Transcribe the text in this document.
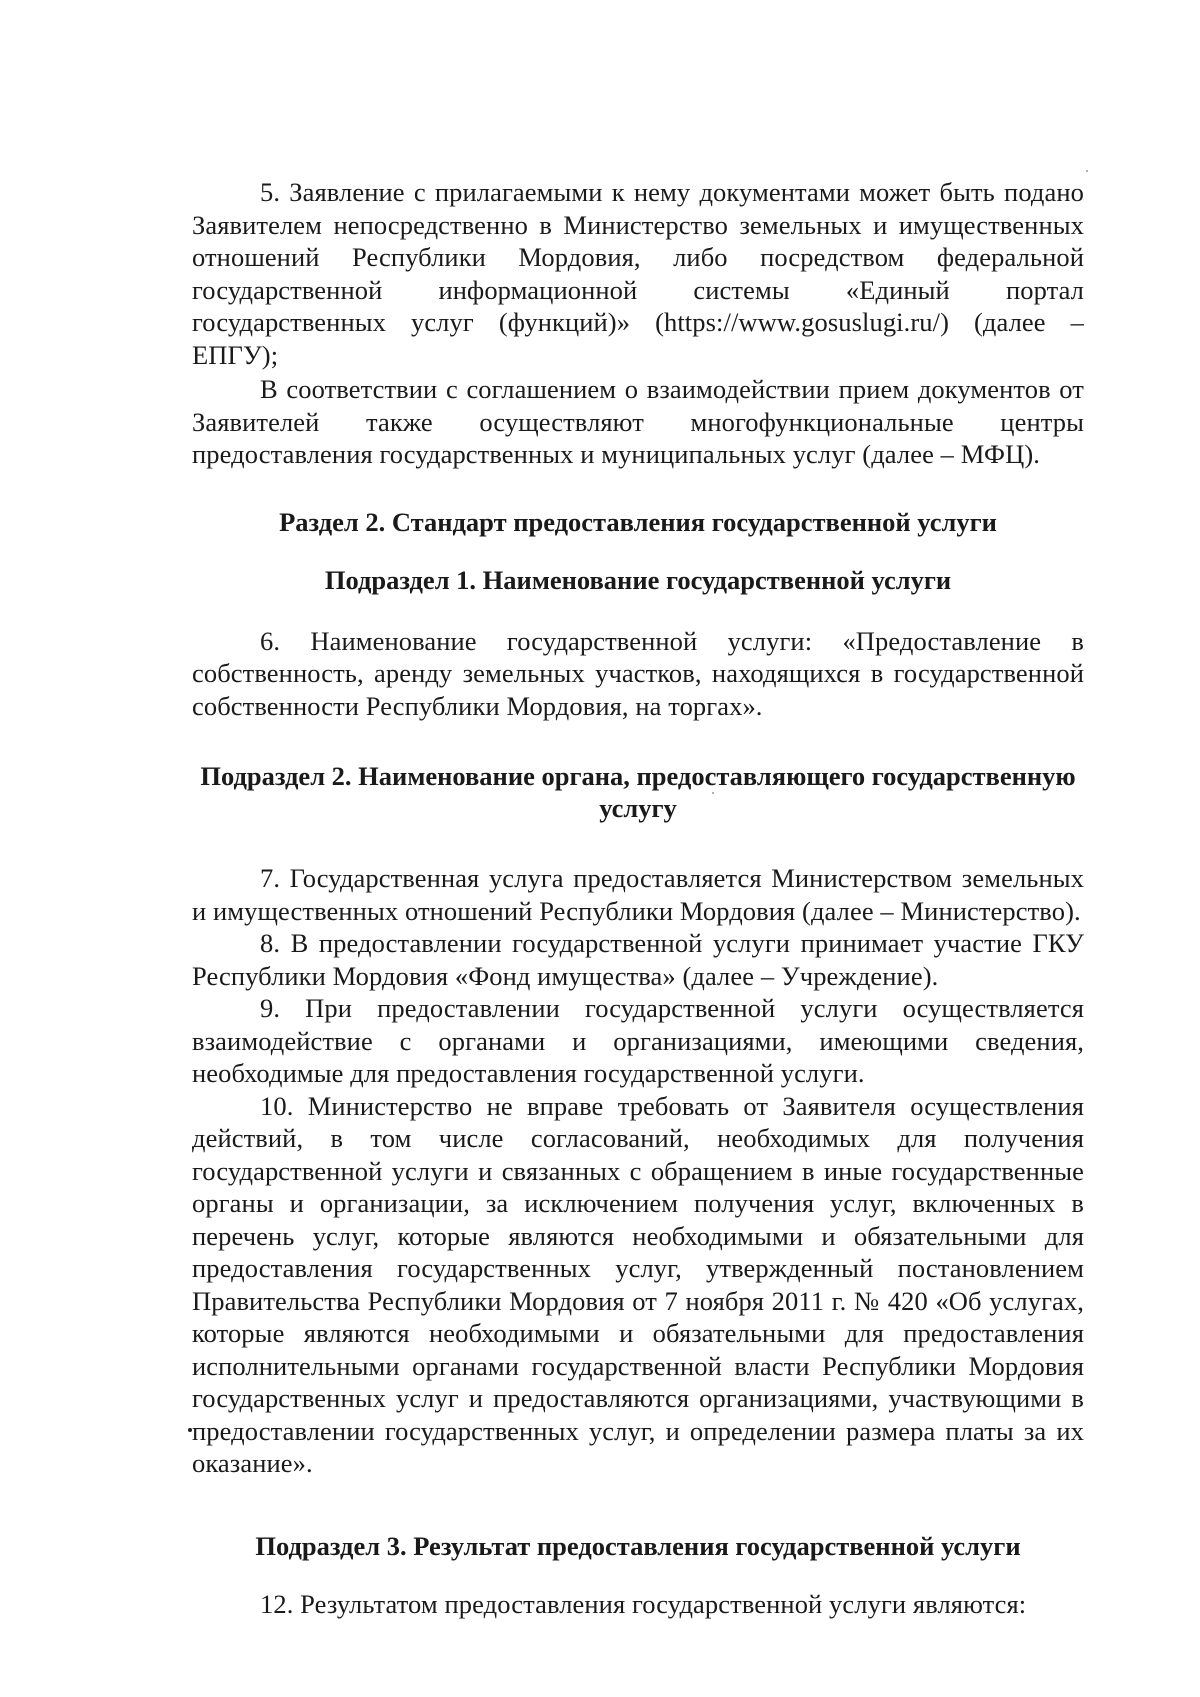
5. Заявление с прилагаемыми к нему документами может быть подано Заявителем непосредственно в Министерство земельных и имущественных отношений Республики Мордовия, либо посредством федеральной государственной информационной системы «Единый портал государственных услуг (функций)» (https://www.gosuslugi.ru/) (далее – ЕПГУ);

В соответствии с соглашением о взаимодействии прием документов от Заявителей также осуществляют многофункциональные центры предоставления государственных и муниципальных услуг (далее – МФЦ).

Раздел 2. Стандарт предоставления государственной услуги
Подраздел 1. Наименование государственной услуги

6. Наименование государственной услуги: «Предоставление в собственность, аренду земельных участков, находящихся в государственной собственности Республики Мордовия, на торгах».

Подраздел 2. Наименование органа, предоставляющего государственную услугу

7. Государственная услуга предоставляется Министерством земельных и имущественных отношений Республики Мордовия (далее – Министерство).

8. В предоставлении государственной услуги принимает участие ГКУ Республики Мордовия «Фонд имущества» (далее – Учреждение).

9. При предоставлении государственной услуги осуществляется взаимодействие с органами и организациями, имеющими сведения, необходимые для предоставления государственной услуги.

10. Министерство не вправе требовать от Заявителя осуществления действий, в том числе согласований, необходимых для получения государственной услуги и связанных с обращением в иные государственные органы и организации, за исключением получения услуг, включенных в перечень услуг, которые являются необходимыми и обязательными для предоставления государственных услуг, утвержденный постановлением Правительства Республики Мордовия от 7 ноября 2011 г. № 420 «Об услугах, которые являются необходимыми и обязательными для предоставления исполнительными органами государственной власти Республики Мордовия государственных услуг и предоставляются организациями, участвующими в предоставлении государственных услуг, и определении размера платы за их оказание».

Подраздел 3. Результат предоставления государственной услуги

12. Результатом предоставления государственной услуги являются:
